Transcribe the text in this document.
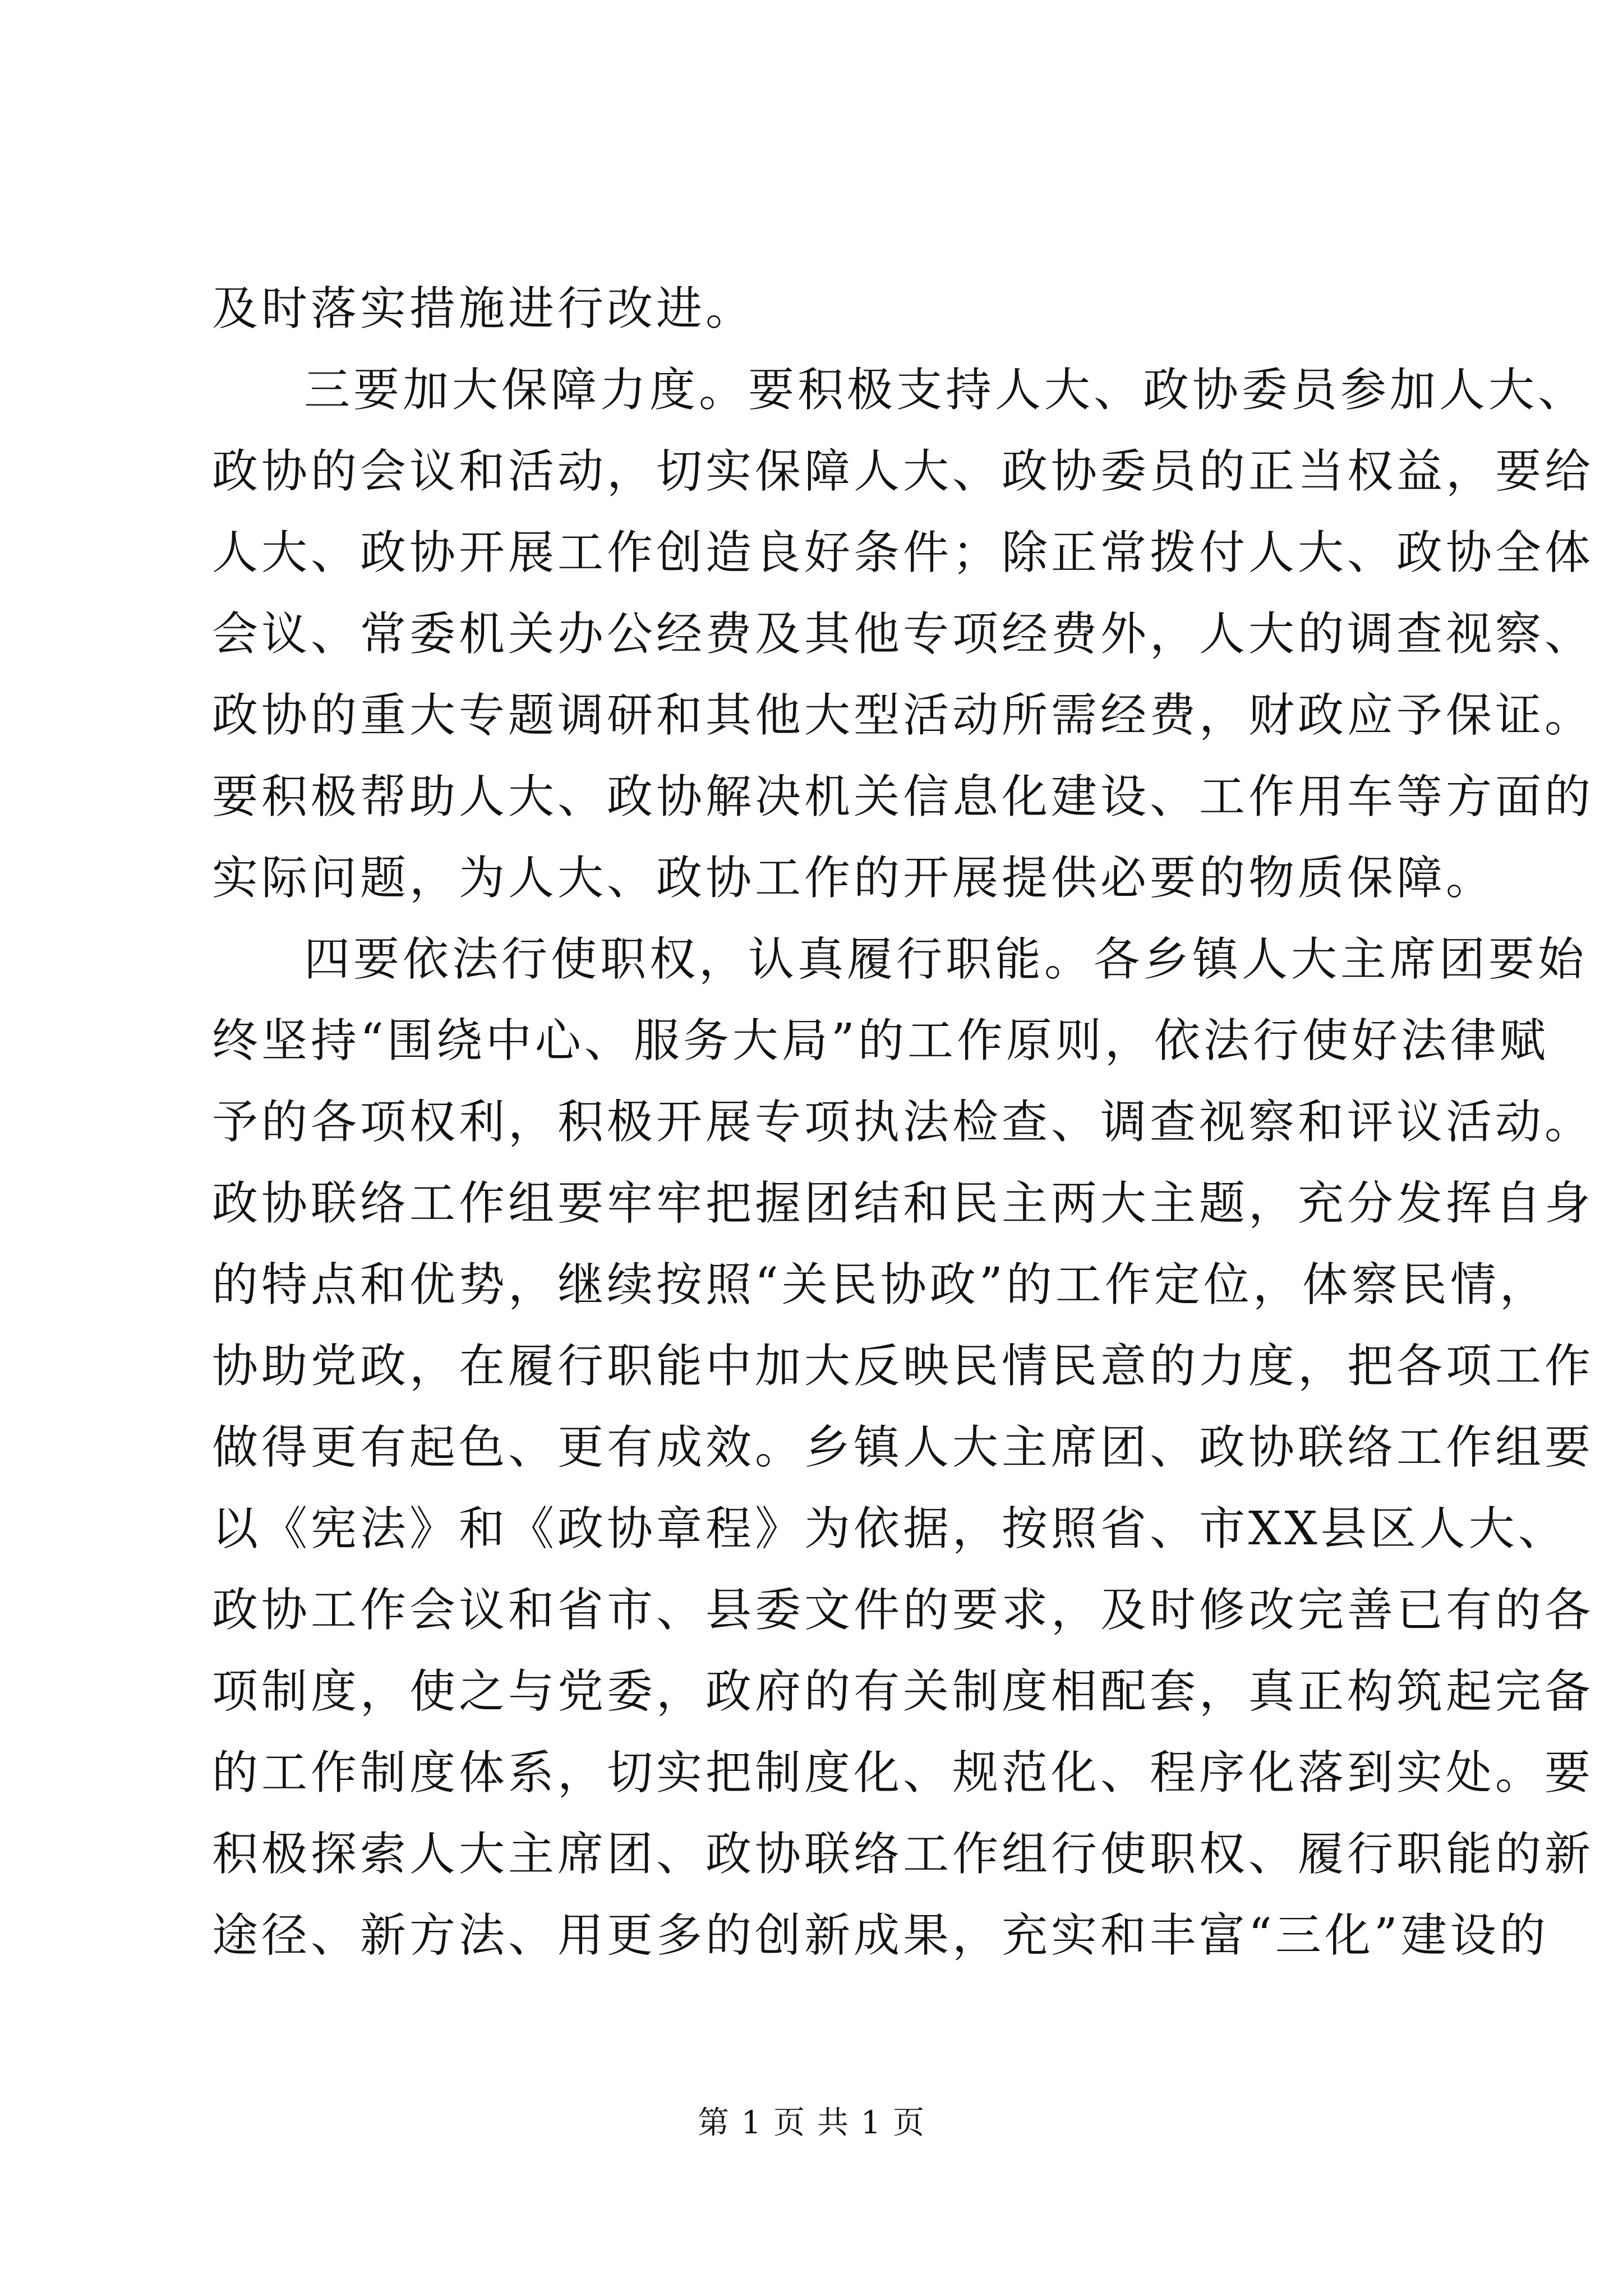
及时落实措施进行改进。
三要加大保障力度。要积极支持人大、政协委员参加人大、
政协的会议和活动，切实保障人大、政协委员的正当权益，要给
人大、政协开展工作创造良好条件；除正常拨付人大、政协全体
会议、常委机关办公经费及其他专项经费外，人大的调查视察、
政协的重大专题调研和其他大型活动所需经费，财政应予保证。
要积极帮助人大、政协解决机关信息化建设、工作用车等方面的
实际问题，为人大、政协工作的开展提供必要的物质保障。
四要依法行使职权，认真履行职能。各乡镇人大主席团要始
终坚持“围绕中心、服务大局”的工作原则，依法行使好法律赋
予的各项权利，积极开展专项执法检查、调查视察和评议活动。
政协联络工作组要牢牢把握团结和民主两大主题，充分发挥自身
的特点和优势，继续按照“关民协政”的工作定位，体察民情，
协助党政，在履行职能中加大反映民情民意的力度，把各项工作
做得更有起色、更有成效。乡镇人大主席团、政协联络工作组要
以《宪法》和《政协章程》为依据，按照省、市XX县区人大、
政协工作会议和省市、县委文件的要求，及时修改完善已有的各
项制度，使之与党委，政府的有关制度相配套，真正构筑起完备
的工作制度体系，切实把制度化、规范化、程序化落到实处。要
积极探索人大主席团、政协联络工作组行使职权、履行职能的新
途径、新方法、用更多的创新成果，充实和丰富“三化”建设的
第 1 页 共 1 页
